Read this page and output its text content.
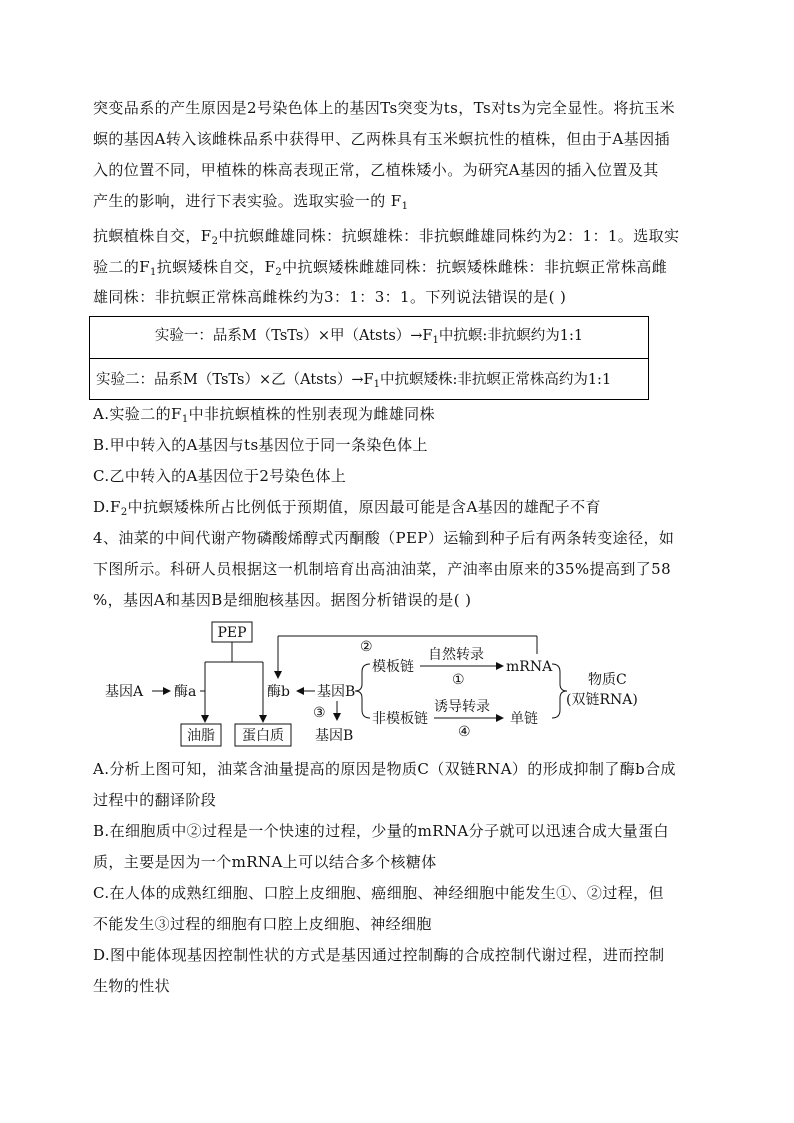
突变品系的产生原因是2号染色体上的基因Ts突变为ts，Ts对ts为完全显性。将抗玉米
螟的基因A转入该雌株品系中获得甲、乙两株具有玉米螟抗性的植株，但由于A基因插
入的位置不同，甲植株的株高表现正常，乙植株矮小。为研究A基因的插入位置及其
产生的影响，进行下表实验。选取实验一的 $F_1$
抗螟植株自交，$F_2$中抗螟雌雄同株：抗螟雄株：非抗螟雌雄同株约为2：1：1。选取实
验二的$F_1$抗螟矮株自交，$F_2$中抗螟矮株雌雄同株：抗螟矮株雌株：非抗螟正常株高雌
雄同株：非抗螟正常株高雌株约为3：1：3：1。下列说法错误的是( )
实验一：品系M（TsTs）×甲$(Atsts)\to F_1$中抗螟:非抗螟约为1:1
实验二：品系M（TsTs）×乙$(Atsts)\to F_1$中抗螟矮株:非抗螟正常株高约为1:1
A.实验二的$F_1$中非抗螟植株的性别表现为雌雄同株
B.甲中转入的A基因与ts基因位于同一条染色体上
C.乙中转入的A基因位于2号染色体上
$D.F_2$中抗螟矮株所占比例低于预期值，原因最可能是含A基因的雄配子不育
4、油菜的中间代谢产物磷酸烯醇式丙酮酸（PEP）运输到种子后有两条转变途径，如
下图所示。科研人员根据这一机制培育出高油油菜，产油率由原来的35%提高到了58
%，基因A和基因B是细胞核基因。据图分析错误的是( )
PEP
基因A 酶a
油脂 蛋白质
酶b 基因B
③
基因B
模板链
自然转录
①
mRNA
非模板链
诱导转录
④
单链
物质C
(双链RNA)
②
A.分析上图可知，油菜含油量提高的原因是物质C（双链RNA）的形成抑制了酶b合成
过程中的翻译阶段
B.在细胞质中②过程是一个快速的过程，少量的mRNA分子就可以迅速合成大量蛋白
质，主要是因为一个mRNA上可以结合多个核糖体
C.在人体的成熟红细胞、口腔上皮细胞、癌细胞、神经细胞中能发生①、②过程，但
不能发生③过程的细胞有口腔上皮细胞、神经细胞
D.图中能体现基因控制性状的方式是基因通过控制酶的合成控制代谢过程，进而控制
生物的性状
